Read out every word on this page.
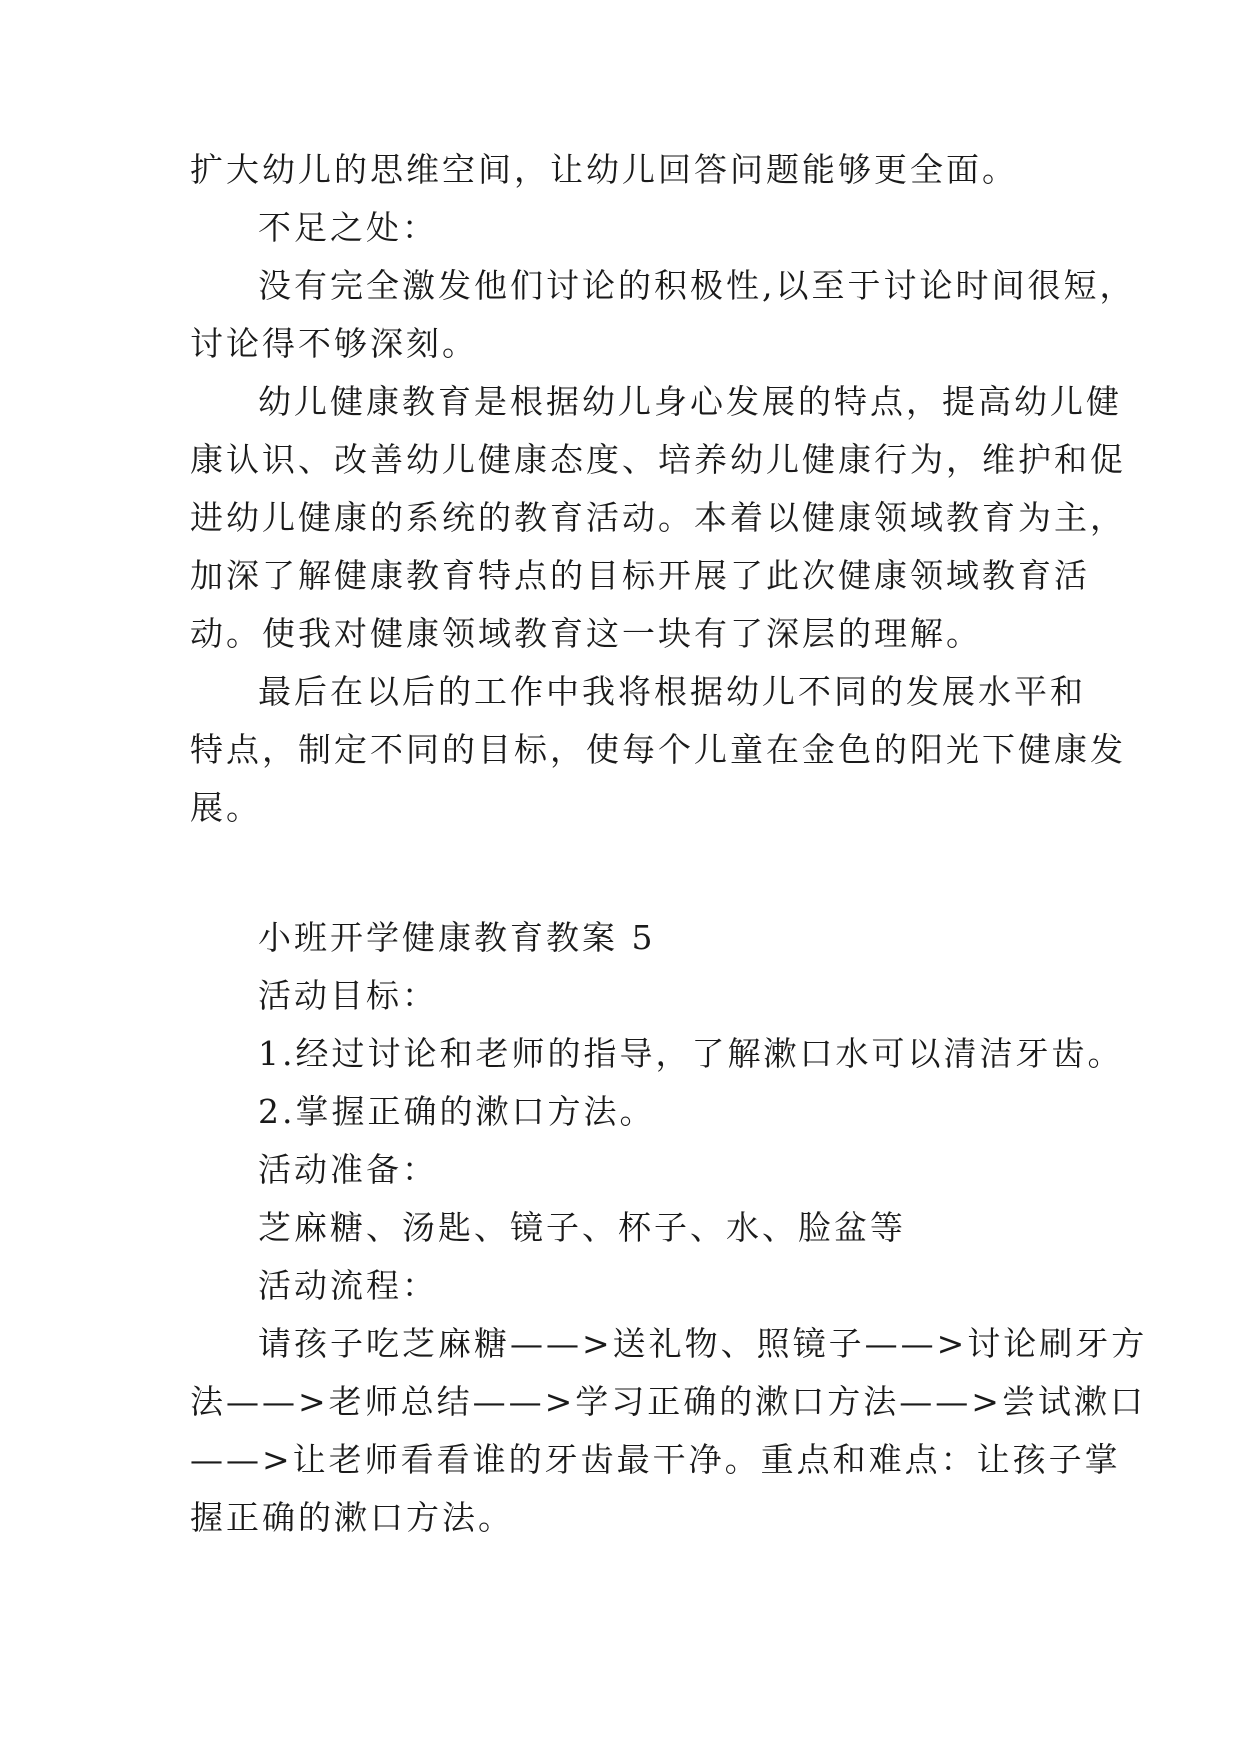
扩大幼儿的思维空间，让幼儿回答问题能够更全面。
不足之处：
没有完全激发他们讨论的积极性,以至于讨论时间很短，
讨论得不够深刻。
幼儿健康教育是根据幼儿身心发展的特点，提高幼儿健
康认识、改善幼儿健康态度、培养幼儿健康行为，维护和促
进幼儿健康的系统的教育活动。本着以健康领域教育为主，
加深了解健康教育特点的目标开展了此次健康领域教育活
动。使我对健康领域教育这一块有了深层的理解。
最后在以后的工作中我将根据幼儿不同的发展水平和
特点，制定不同的目标，使每个儿童在金色的阳光下健康发
展。
小班开学健康教育教案 5
活动目标：
1.经过讨论和老师的指导，了解漱口水可以清洁牙齿。
2.掌握正确的漱口方法。
活动准备：
芝麻糖、汤匙、镜子、杯子、水、脸盆等
活动流程：
请孩子吃芝麻糖——>送礼物、照镜子——>讨论刷牙方
法——>老师总结——>学习正确的漱口方法——>尝试漱口
——>让老师看看谁的牙齿最干净。重点和难点：让孩子掌
握正确的漱口方法。
